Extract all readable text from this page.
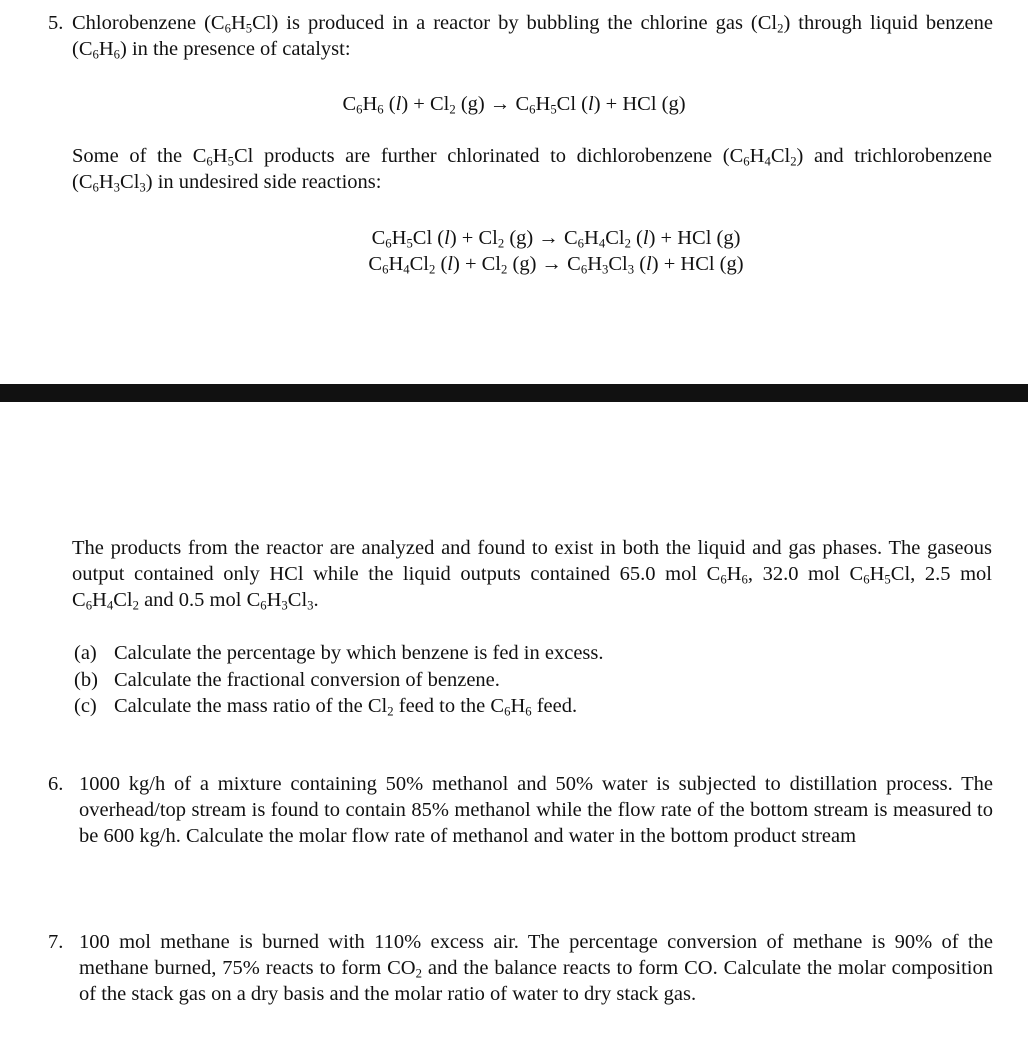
5. Chlorobenzene $(C_6H_5Cl)$ is produced in a reactor by bubbling the chlorine gas $(Cl_2)$ through liquid benzene $(C_6H_6)$ in the presence of catalyst:
$C_6H_6$ $(l) + Cl_2$ $(g) \to C_6H_5Cl$ (l) + HCl (g)
Some of the $C_6H_5Cl$ products are further chlorinated to dichlorobenzene $(C_6H_4Cl_2)$ and trichlorobenzene $(C_6H_3Cl_3)$ in undesired side reactions:
$C_6H_5Cl$ $(l) + Cl_2$ $(g) \to C_6H_4Cl_2$ (l) + HCl (g)
$C_6H_4Cl_2$ $(l) + Cl_2$ $(g) \to C_6H_3Cl_3$ (l) + HCl (g)
The products from the reactor are analyzed and found to exist in both the liquid and gas phases. The gaseous output contained only HCl while the liquid outputs contained 65.0 mol $C_6H_6$, 32.0 mol $C_6H_5Cl$, 2.5 mol $C_6H_4Cl_2$ and 0.5 mol $C_6H_3Cl_3$.
(a) Calculate the percentage by which benzene is fed in excess.
(b) Calculate the fractional conversion of benzene.
(c) Calculate the mass ratio of the $Cl_2$ feed to the $C_6H_6$ feed.
6. 1000 kg/h of a mixture containing 50% methanol and 50% water is subjected to distillation process. The overhead/top stream is found to contain 85% methanol while the flow rate of the bottom stream is measured to be 600 kg/h. Calculate the molar flow rate of methanol and water in the bottom product stream
7. 100 mol methane is burned with 110% excess air. The percentage conversion of methane is 90% of the methane burned, 75% reacts to form $CO_2$ and the balance reacts to form CO. Calculate the molar composition of the stack gas on a dry basis and the molar ratio of water to dry stack gas.
